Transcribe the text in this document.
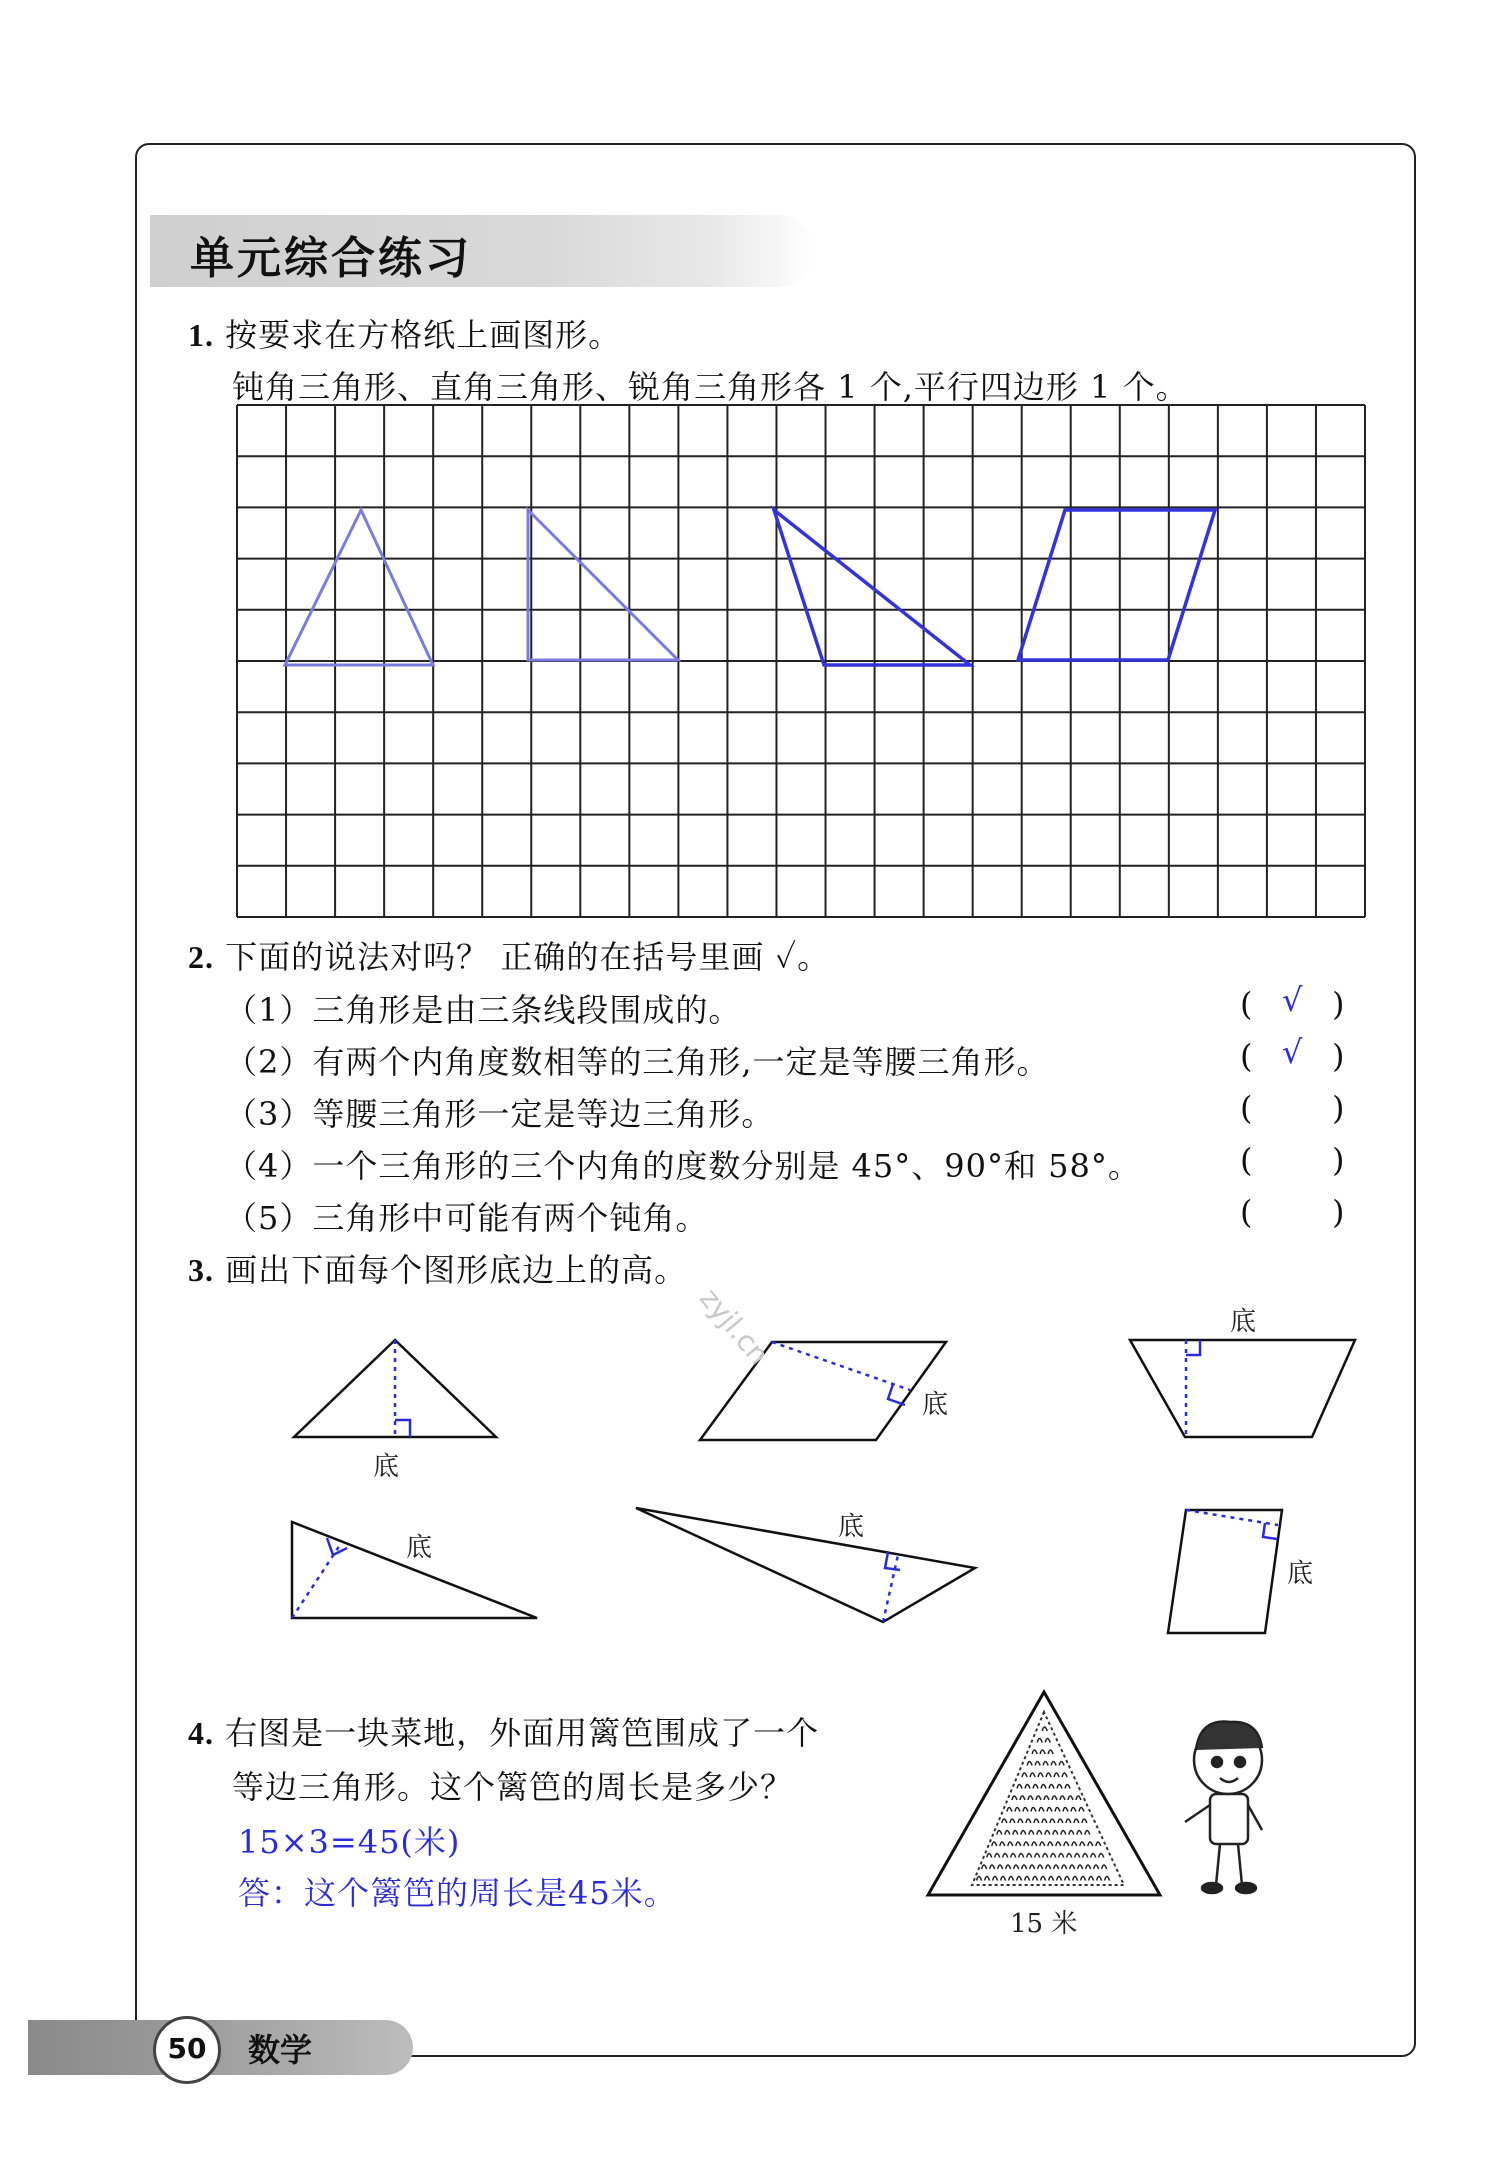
单元综合练习
1. 按要求在方格纸上画图形。
钝角三角形、直角三角形、锐角三角形各 1 个,平行四边形 1 个。
底
底
底
底
底
底
15 米
zyjl.cn
2. 下面的说法对吗？ 正确的在括号里画 ✓。
（1）三角形是由三条线段围成的。	( √ )
（2）有两个内角度数相等的三角形,一定是等腰三角形。	( √ )
（3）等腰三角形一定是等边三角形。	( )
（4）一个三角形的三个内角的度数分别是 45°、90°和 58°。	( )
（5）三角形中可能有两个钝角。	( )
3. 画出下面每个图形底边上的高。
4. 右图是一块菜地，外面用篱笆围成了一个
等边三角形。这个篱笆的周长是多少？
15×3=45(米)
答：这个篱笆的周长是45米。
50	数学
